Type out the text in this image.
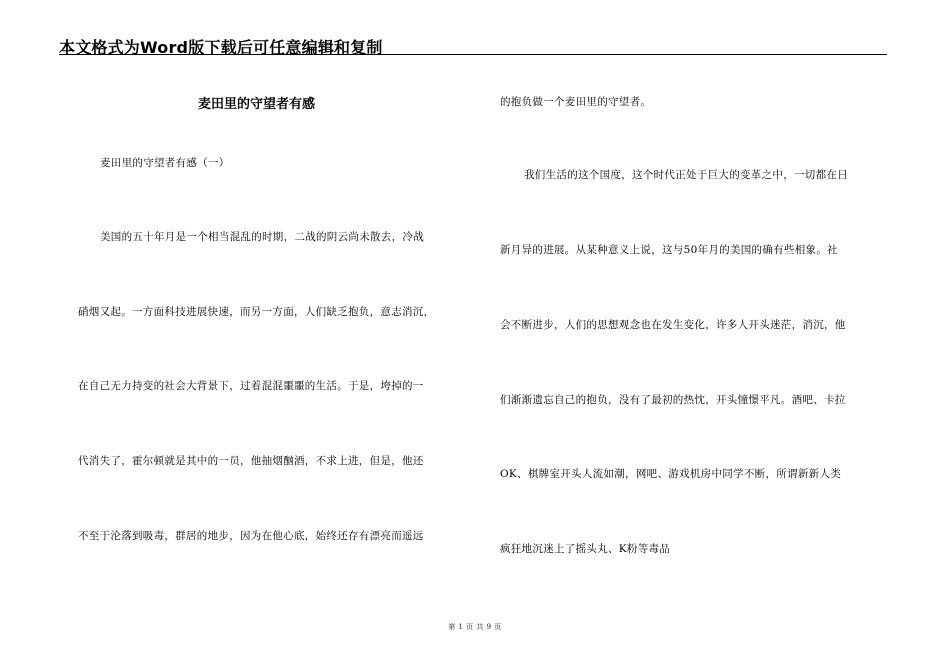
本文格式为Word版下载后可任意编辑和复制
麦田里的守望者有感
麦田里的守望者有感（一）
美国的五十年月是一个相当混乱的时期，二战的阴云尚未散去，冷战
硝烟又起。一方面科技进展快速，而另一方面，人们缺乏抱负，意志消沉，
在自己无力持变的社会大背景下，过着混混噩噩的生活。于是，垮掉的一
代消失了，霍尔顿就是其中的一员，他抽烟酗酒，不求上进，但是，他还
不至于沦落到吸毒，群居的地步，因为在他心底，始终还存有漂亮而遥远
的抱负做一个麦田里的守望者。
我们生活的这个国度，这个时代正处于巨大的变革之中，一切都在日
新月异的进展。从某种意义上说，这与50年月的美国的确有些相象。社
会不断进步，人们的思想观念也在发生变化，许多人开头迷茫，消沉，他
们渐渐遗忘自己的抱负，没有了最初的热忱，开头憧憬平凡。酒吧、卡拉
OK、棋牌室开头人流如潮，网吧、游戏机房中同学不断，所谓新新人类
疯狂地沉迷上了摇头丸、K粉等毒品
第 1 页 共 9 页
